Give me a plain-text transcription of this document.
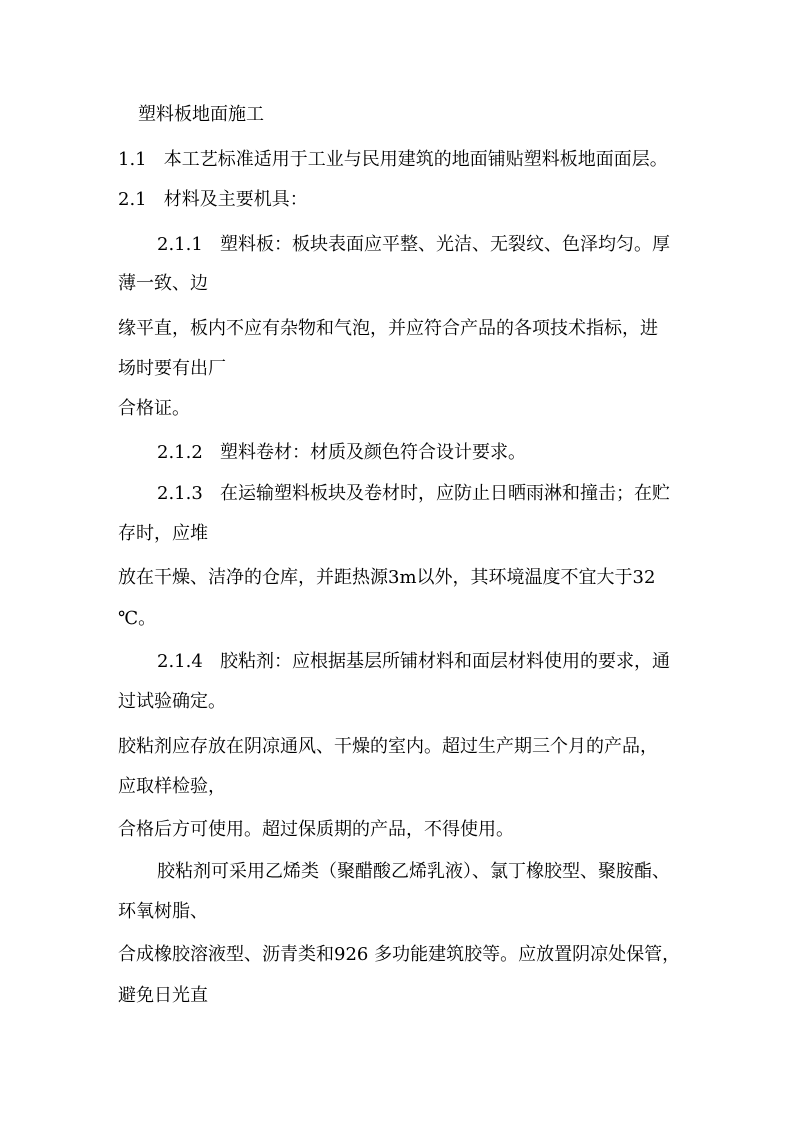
塑料板地面施工
1.1   本工艺标准适用于工业与民用建筑的地面铺贴塑料板地面面层。
2.1   材料及主要机具：
2.1.1   塑料板：板块表面应平整、光洁、无裂纹、色泽均匀。厚
薄一致、边
缘平直，板内不应有杂物和气泡，并应符合产品的各项技术指标，进
场时要有出厂
合格证。
2.1.2   塑料卷材：材质及颜色符合设计要求。
2.1.3   在运输塑料板块及卷材时，应防止日晒雨淋和撞击；在贮
存时，应堆
放在干燥、洁净的仓库，并距热源3m以外，其环境温度不宜大于32
℃。
2.1.4   胶粘剂：应根据基层所铺材料和面层材料使用的要求，通
过试验确定。
胶粘剂应存放在阴凉通风、干燥的室内。超过生产期三个月的产品，
应取样检验，
合格后方可使用。超过保质期的产品，不得使用。
胶粘剂可采用乙烯类（聚醋酸乙烯乳液）、氯丁橡胶型、聚胺酯、
环氧树脂、
合成橡胶溶液型、沥青类和926 多功能建筑胶等。应放置阴凉处保管，
避免日光直
